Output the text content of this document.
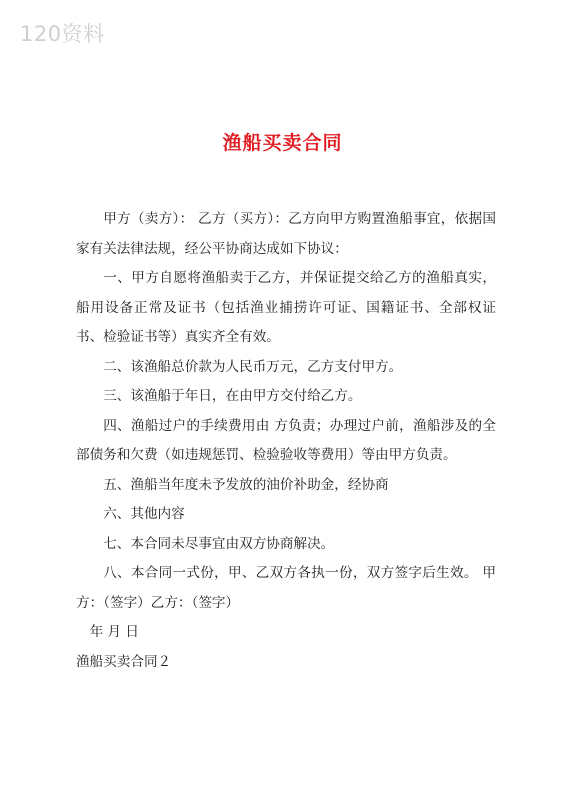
120资料
渔船买卖合同

甲方（卖方）： 乙方（买方）：乙方向甲方购置渔船事宜，依据国家有关法律法规，经公平协商达成如下协议：

一、甲方自愿将渔船卖于乙方，并保证提交给乙方的渔船真实，船用设备正常及证书（包括渔业捕捞许可证、国籍证书、全部权证书、检验证书等）真实齐全有效。

二、该渔船总价款为人民币万元，乙方支付甲方。

三、该渔船于年日，在由甲方交付给乙方。

四、渔船过户的手续费用由 方负责；办理过户前，渔船涉及的全部债务和欠费（如违规惩罚、检验验收等费用）等由甲方负责。

五、渔船当年度未予发放的油价补助金，经协商

六、其他内容

七、本合同未尽事宜由双方协商解决。

八、本合同一式份，甲、乙双方各执一份，双方签字后生效。 甲方：（签字）乙方：（签字）

年 月 日

渔船买卖合同２
